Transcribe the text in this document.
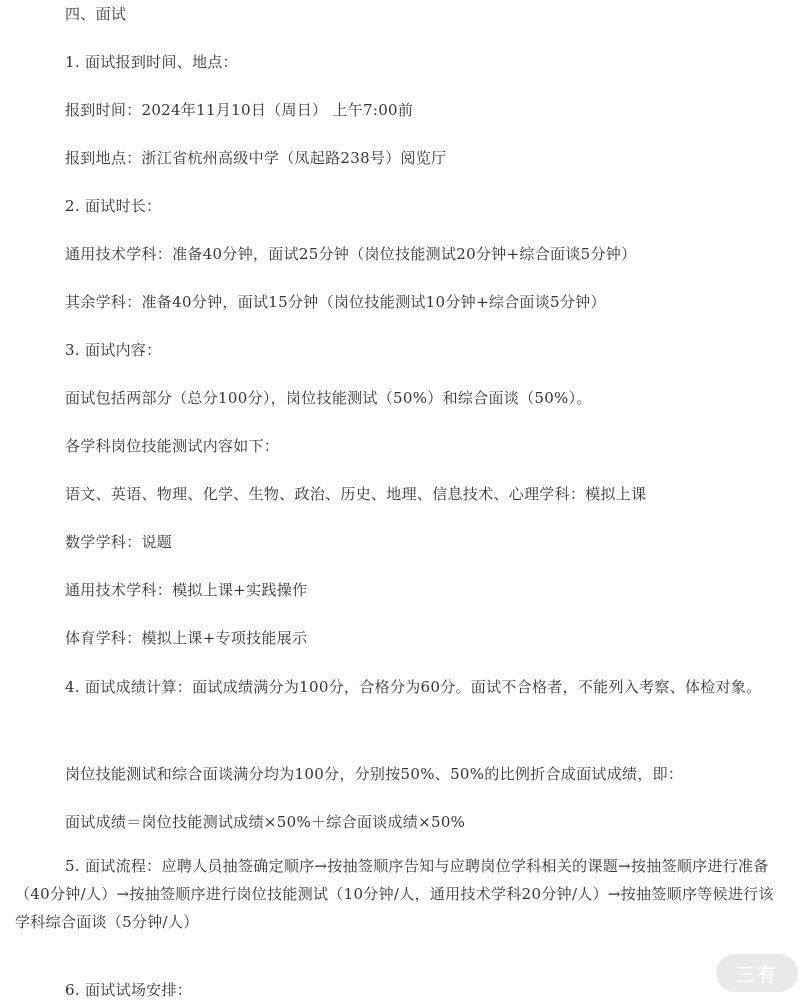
四、面试
1. 面试报到时间、地点：
报到时间：2024年11月10日（周日） 上午7:00前
报到地点：浙江省杭州高级中学（凤起路238号）阅览厅
2. 面试时长：
通用技术学科：准备40分钟，面试25分钟（岗位技能测试20分钟+综合面谈5分钟）
其余学科：准备40分钟，面试15分钟（岗位技能测试10分钟+综合面谈5分钟）
3. 面试内容：
面试包括两部分（总分100分），岗位技能测试（50%）和综合面谈（50%）。
各学科岗位技能测试内容如下：
语文、英语、物理、化学、生物、政治、历史、地理、信息技术、心理学科：模拟上课
数学学科：说题
通用技术学科：模拟上课+实践操作
体育学科：模拟上课+专项技能展示
4. 面试成绩计算：面试成绩满分为100分，合格分为60分。面试不合格者，不能列入考察、体检对象。
岗位技能测试和综合面谈满分均为100分，分别按50%、50%的比例折合成面试成绩，即：
面试成绩＝岗位技能测试成绩×50%＋综合面谈成绩×50%
5. 面试流程：应聘人员抽签确定顺序→按抽签顺序告知与应聘岗位学科相关的课题→按抽签顺序进行准备（40分钟/人）→按抽签顺序进行岗位技能测试（10分钟/人，通用技术学科20分钟/人）→按抽签顺序等候进行该学科综合面谈（5分钟/人）
6. 面试试场安排：
三有
